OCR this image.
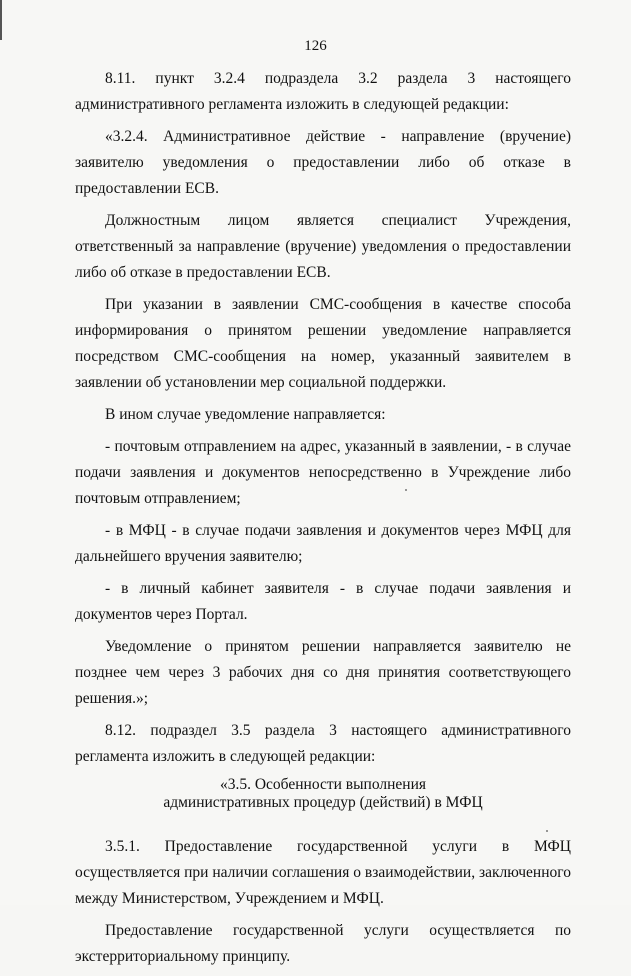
126

8.11. пункт 3.2.4 подраздела 3.2 раздела 3 настоящего административного регламента изложить в следующей редакции:

«3.2.4. Административное действие - направление (вручение) заявителю уведомления о предоставлении либо об отказе в предоставлении ЕСВ.

Должностным лицом является специалист Учреждения, ответственный за направление (вручение) уведомления о предоставлении либо об отказе в предоставлении ЕСВ.

При указании в заявлении СМС-сообщения в качестве способа информирования о принятом решении уведомление направляется посредством СМС-сообщения на номер, указанный заявителем в заявлении об установлении мер социальной поддержки.

В ином случае уведомление направляется:

- почтовым отправлением на адрес, указанный в заявлении, - в случае подачи заявления и документов непосредственно в Учреждение либо почтовым отправлением;

- в МФЦ - в случае подачи заявления и документов через МФЦ для дальнейшего вручения заявителю;

- в личный кабинет заявителя - в случае подачи заявления и документов через Портал.

Уведомление о принятом решении направляется заявителю не позднее чем через 3 рабочих дня со дня принятия соответствующего решения.»;

8.12. подраздел 3.5 раздела 3 настоящего административного регламента изложить в следующей редакции:

«3.5. Особенности выполнения
административных процедур (действий) в МФЦ

3.5.1. Предоставление государственной услуги в МФЦ осуществляется при наличии соглашения о взаимодействии, заключенного между Министерством, Учреждением и МФЦ.

Предоставление государственной услуги осуществляется по экстерриториальному принципу.
